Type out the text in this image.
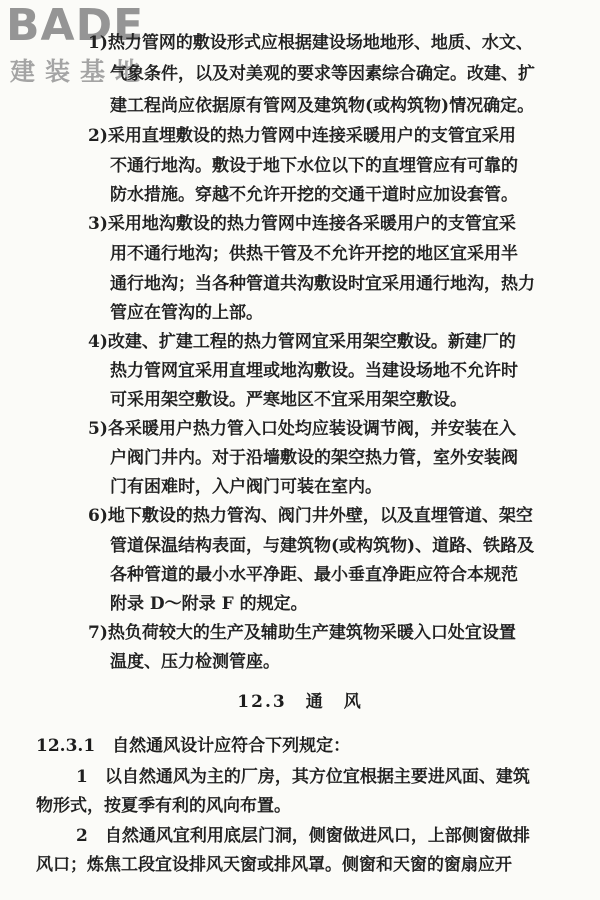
BADE
建装基地
1)热力管网的敷设形式应根据建设场地地形、地质、水文、
气象条件，以及对美观的要求等因素综合确定。改建、扩
建工程尚应依据原有管网及建筑物(或构筑物)情况确定。
2)采用直埋敷设的热力管网中连接采暖用户的支管宜采用
不通行地沟。敷设于地下水位以下的直埋管应有可靠的
防水措施。穿越不允许开挖的交通干道时应加设套管。
3)采用地沟敷设的热力管网中连接各采暖用户的支管宜采
用不通行地沟；供热干管及不允许开挖的地区宜采用半
通行地沟；当各种管道共沟敷设时宜采用通行地沟，热力
管应在管沟的上部。
4)改建、扩建工程的热力管网宜采用架空敷设。新建厂的
热力管网宜采用直埋或地沟敷设。当建设场地不允许时
可采用架空敷设。严寒地区不宜采用架空敷设。
5)各采暖用户热力管入口处均应装设调节阀，并安装在入
户阀门井内。对于沿墙敷设的架空热力管，室外安装阀
门有困难时，入户阀门可装在室内。
6)地下敷设的热力管沟、阀门井外壁，以及直埋管道、架空
管道保温结构表面，与建筑物(或构筑物)、道路、铁路及
各种管道的最小水平净距、最小垂直净距应符合本规范
附录 D～附录 F 的规定。
7)热负荷较大的生产及辅助生产建筑物采暖入口处宜设置
温度、压力检测管座。
12.3  通　风
12.3.1  自然通风设计应符合下列规定：
1　以自然通风为主的厂房，其方位宜根据主要进风面、建筑
物形式，按夏季有利的风向布置。
2　自然通风宜利用底层门洞，侧窗做进风口，上部侧窗做排
风口；炼焦工段宜设排风天窗或排风罩。侧窗和天窗的窗扇应开
